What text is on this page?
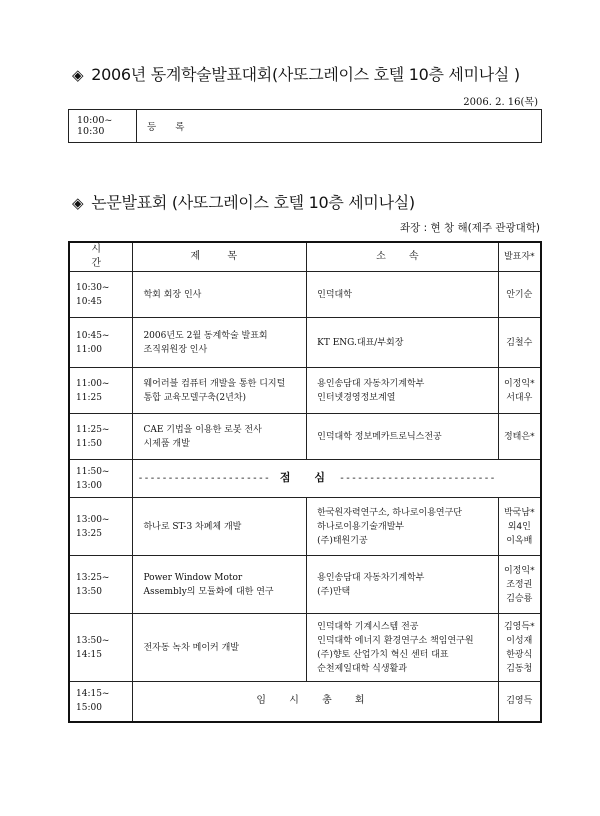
◈ 2006년 동계학술발표대회(사또그레이스 호텔 10층 세미나실 )
2006. 2. 16(목)
10:00~
10:30	등 록
◈ 논문발표회 (사또그레이스 호텔 10층 세미나실)
좌장 : 현 창 해(제주 관광대학)
시 간	제 목	소 속	발표자*

10:30~
10:45	학회 회장 인사	인덕대학	안기순

10:45~
11:00	2006년도 2월 동계학술 발표회
조직위원장 인사	KT ENG.대표/부회장	김철수

11:00~
11:25	웨어러블 컴퓨터 개발을 통한 디지털
통합 교육모델구축(2년차)	용인송담대 자동차기계학부
인터넷경영정보계열	이정익*
서대우

11:25~
11:50	CAE 기법을 이용한 로봇 전사
시제품 개발	인덕대학 정보메카트로닉스전공	정태은*

11:50~
13:00	---------------------- 점 심 --------------------------		

13:00~
13:25	하나로 ST-3 차폐체 개발	한국원자력연구소, 하나로이용연구단
하나로이용기술개발부
(주)태원기공	박국남*
외4인
이옥배

13:25~
13:50	Power Window Motor
Assembly의 모듈화에 대한 연구	용인송담대 자동차기계학부
(주)만택	이정익*
조정권
김승룡

13:50~
14:15	전자동 녹차 메이커 개발	인덕대학 기계시스템 전공
인덕대학 에너지 환경연구소 책임연구원
(주)향토 산업가치 혁신 센터 대표
순천제일대학 식생활과	김영득*
이성재
한광식
김동청

14:15~
15:00	임 시 총 회		김영득
